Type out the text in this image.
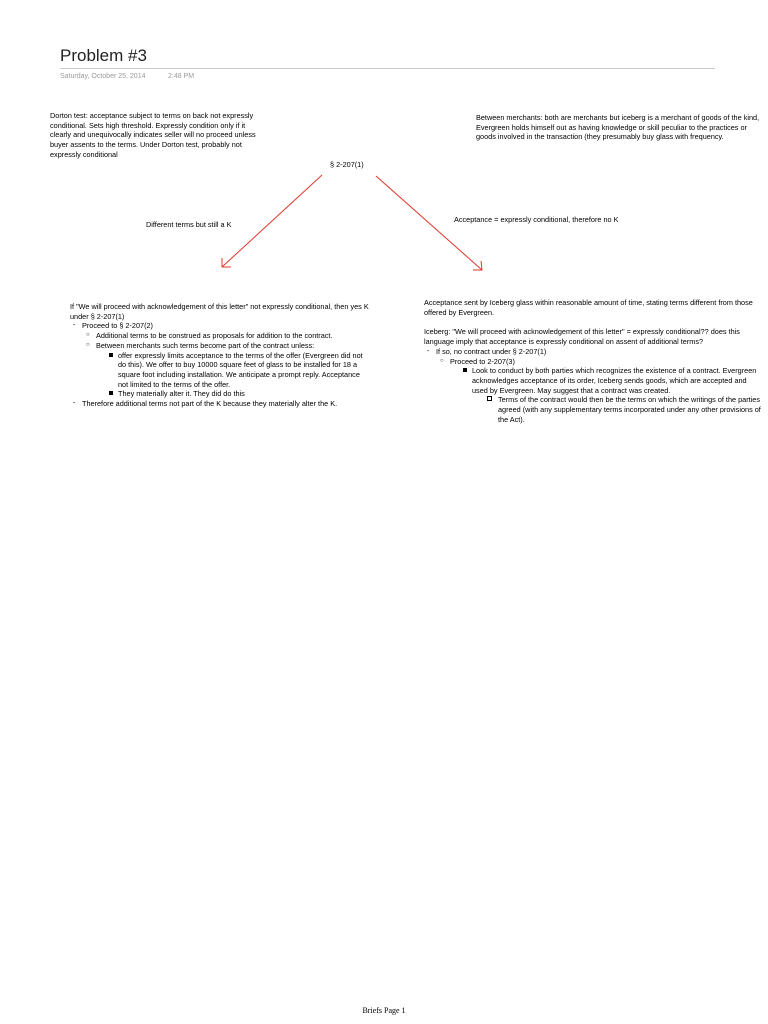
Problem #3
Saturday, October 25, 2014	2:48 PM
Dorton test: acceptance subject to terms on back not expressly conditional. Sets high threshold. Expressly condition only if it clearly and unequivocally indicates seller will no proceed unless buyer assents to the terms. Under Dorton test, probably not expressly conditional
Between merchants: both are merchants but iceberg is a merchant of goods of the kind, Evergreen holds himself out as having knowledge or skill peculiar to the practices or goods involved in the transaction (they presumably buy glass with frequency.
§ 2-207(1)
Different terms but still a K
Acceptance = expressly conditional, therefore no K
If "We will proceed with acknowledgement of this letter" not expressly conditional, then yes K under § 2-207(1)
- Proceed to § 2-207(2)
○ Additional terms to be construed as proposals for addition to the contract.
○ Between merchants such terms become part of the contract unless:
offer expressly limits acceptance to the terms of the offer (Evergreen did not do this). We offer to buy 10000 square feet of glass to be installed for 18 a square foot including installation. We anticipate a prompt reply. Acceptance not limited to the terms of the offer.
They materially alter it. They did do this
- Therefore additional terms not part of the K because they materially alter the K.
Acceptance sent by Iceberg glass within reasonable amount of time, stating terms different from those offered by Evergreen.
Iceberg: "We will proceed with acknowledgement of this letter" = expressly conditional?? does this language imply that acceptance is expressly conditional on assent of additional terms?
- If so, no contract under § 2-207(1)
○ Proceed to 2-207(3)
Look to conduct by both parties which recognizes the existence of a contract. Evergreen acknowledges acceptance of its order, Iceberg sends goods, which are accepted and used by Evergreen. May suggest that a contract was created.
Terms of the contract would then be the terms on which the writings of the parties agreed (with any supplementary terms incorporated under any other provisions of the Act).
Briefs Page 1
